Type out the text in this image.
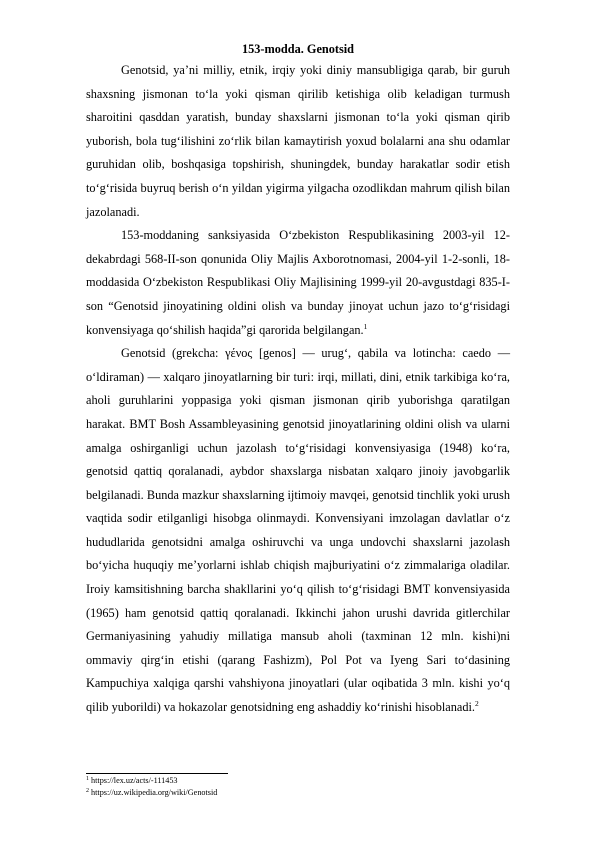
153-modda. Genotsid

Genotsid, ya’ni milliy, etnik, irqiy yoki diniy mansubligiga qarab, bir guruh shaxsning jismonan to‘la yoki qisman qirilib ketishiga olib keladigan turmush sharoitini qasddan yaratish, bunday shaxslarni jismonan to‘la yoki qisman qirib yuborish, bola tug‘ilishini zo‘rlik bilan kamaytirish yoxud bolalarni ana shu odamlar guruhidan olib, boshqasiga topshirish, shuningdek, bunday harakatlar sodir etish to‘g‘risida buyruq berish o‘n yildan yigirma yilgacha ozodlikdan mahrum qilish bilan jazolanadi.

153-moddaning sanksiyasida O‘zbekiston Respublikasining 2003-yil 12-dekabrdagi 568-II-son qonunida Oliy Majlis Axborotnomasi, 2004-yil 1-2-sonli, 18-moddasida O‘zbekiston Respublikasi Oliy Majlisining 1999-yil 20-avgustdagi 835-I-son “Genotsid jinoyatining oldini olish va bunday jinoyat uchun jazo to‘g‘risidagi konvensiyaga qo‘shilish haqida”gi qarorida belgilangan.$^1$

Genotsid (grekcha: γένος [genos] — urug‘, qabila va lotincha: caedo — o‘ldiraman) — xalqaro jinoyatlarning bir turi: irqi, millati, dini, etnik tarkibiga ko‘ra, aholi guruhlarini yoppasiga yoki qisman jismonan qirib yuborishga qaratilgan harakat. BMT Bosh Assambleyasining genotsid jinoyatlarining oldini olish va ularni amalga oshirganligi uchun jazolash to‘g‘risidagi konvensiyasiga (1948) ko‘ra, genotsid qattiq qoralanadi, aybdor shaxslarga nisbatan xalqaro jinoiy javobgarlik belgilanadi. Bunda mazkur shaxslarning ijtimoiy mavqei, genotsid tinchlik yoki urush vaqtida sodir etilganligi hisobga olinmaydi. Konvensiyani imzolagan davlatlar o‘z hududlarida genotsidni amalga oshiruvchi va unga undovchi shaxslarni jazolash bo‘yicha huquqiy me’yorlarni ishlab chiqish majburiyatini o‘z zimmalariga oladilar. Iroiy kamsitishning barcha shakllarini yo‘q qilish to‘g‘risidagi BMT konvensiyasida (1965) ham genotsid qattiq qoralanadi. Ikkinchi jahon urushi davrida gitlerchilar Germaniyasining yahudiy millatiga mansub aholi (taxminan 12 mln. kishi)ni ommaviy qirg‘in etishi (qarang Fashizm), Pol Pot va Iyeng Sari to‘dasining Kampuchiya xalqiga qarshi vahshiyona jinoyatlari (ular oqibatida 3 mln. kishi yo‘q qilib yuborildi) va hokazolar genotsidning eng ashaddiy ko‘rinishi hisoblanadi.$^2$

$^1$ https://lex.uz/acts/-111453
$^2$ https://uz.wikipedia.org/wiki/Genotsid
